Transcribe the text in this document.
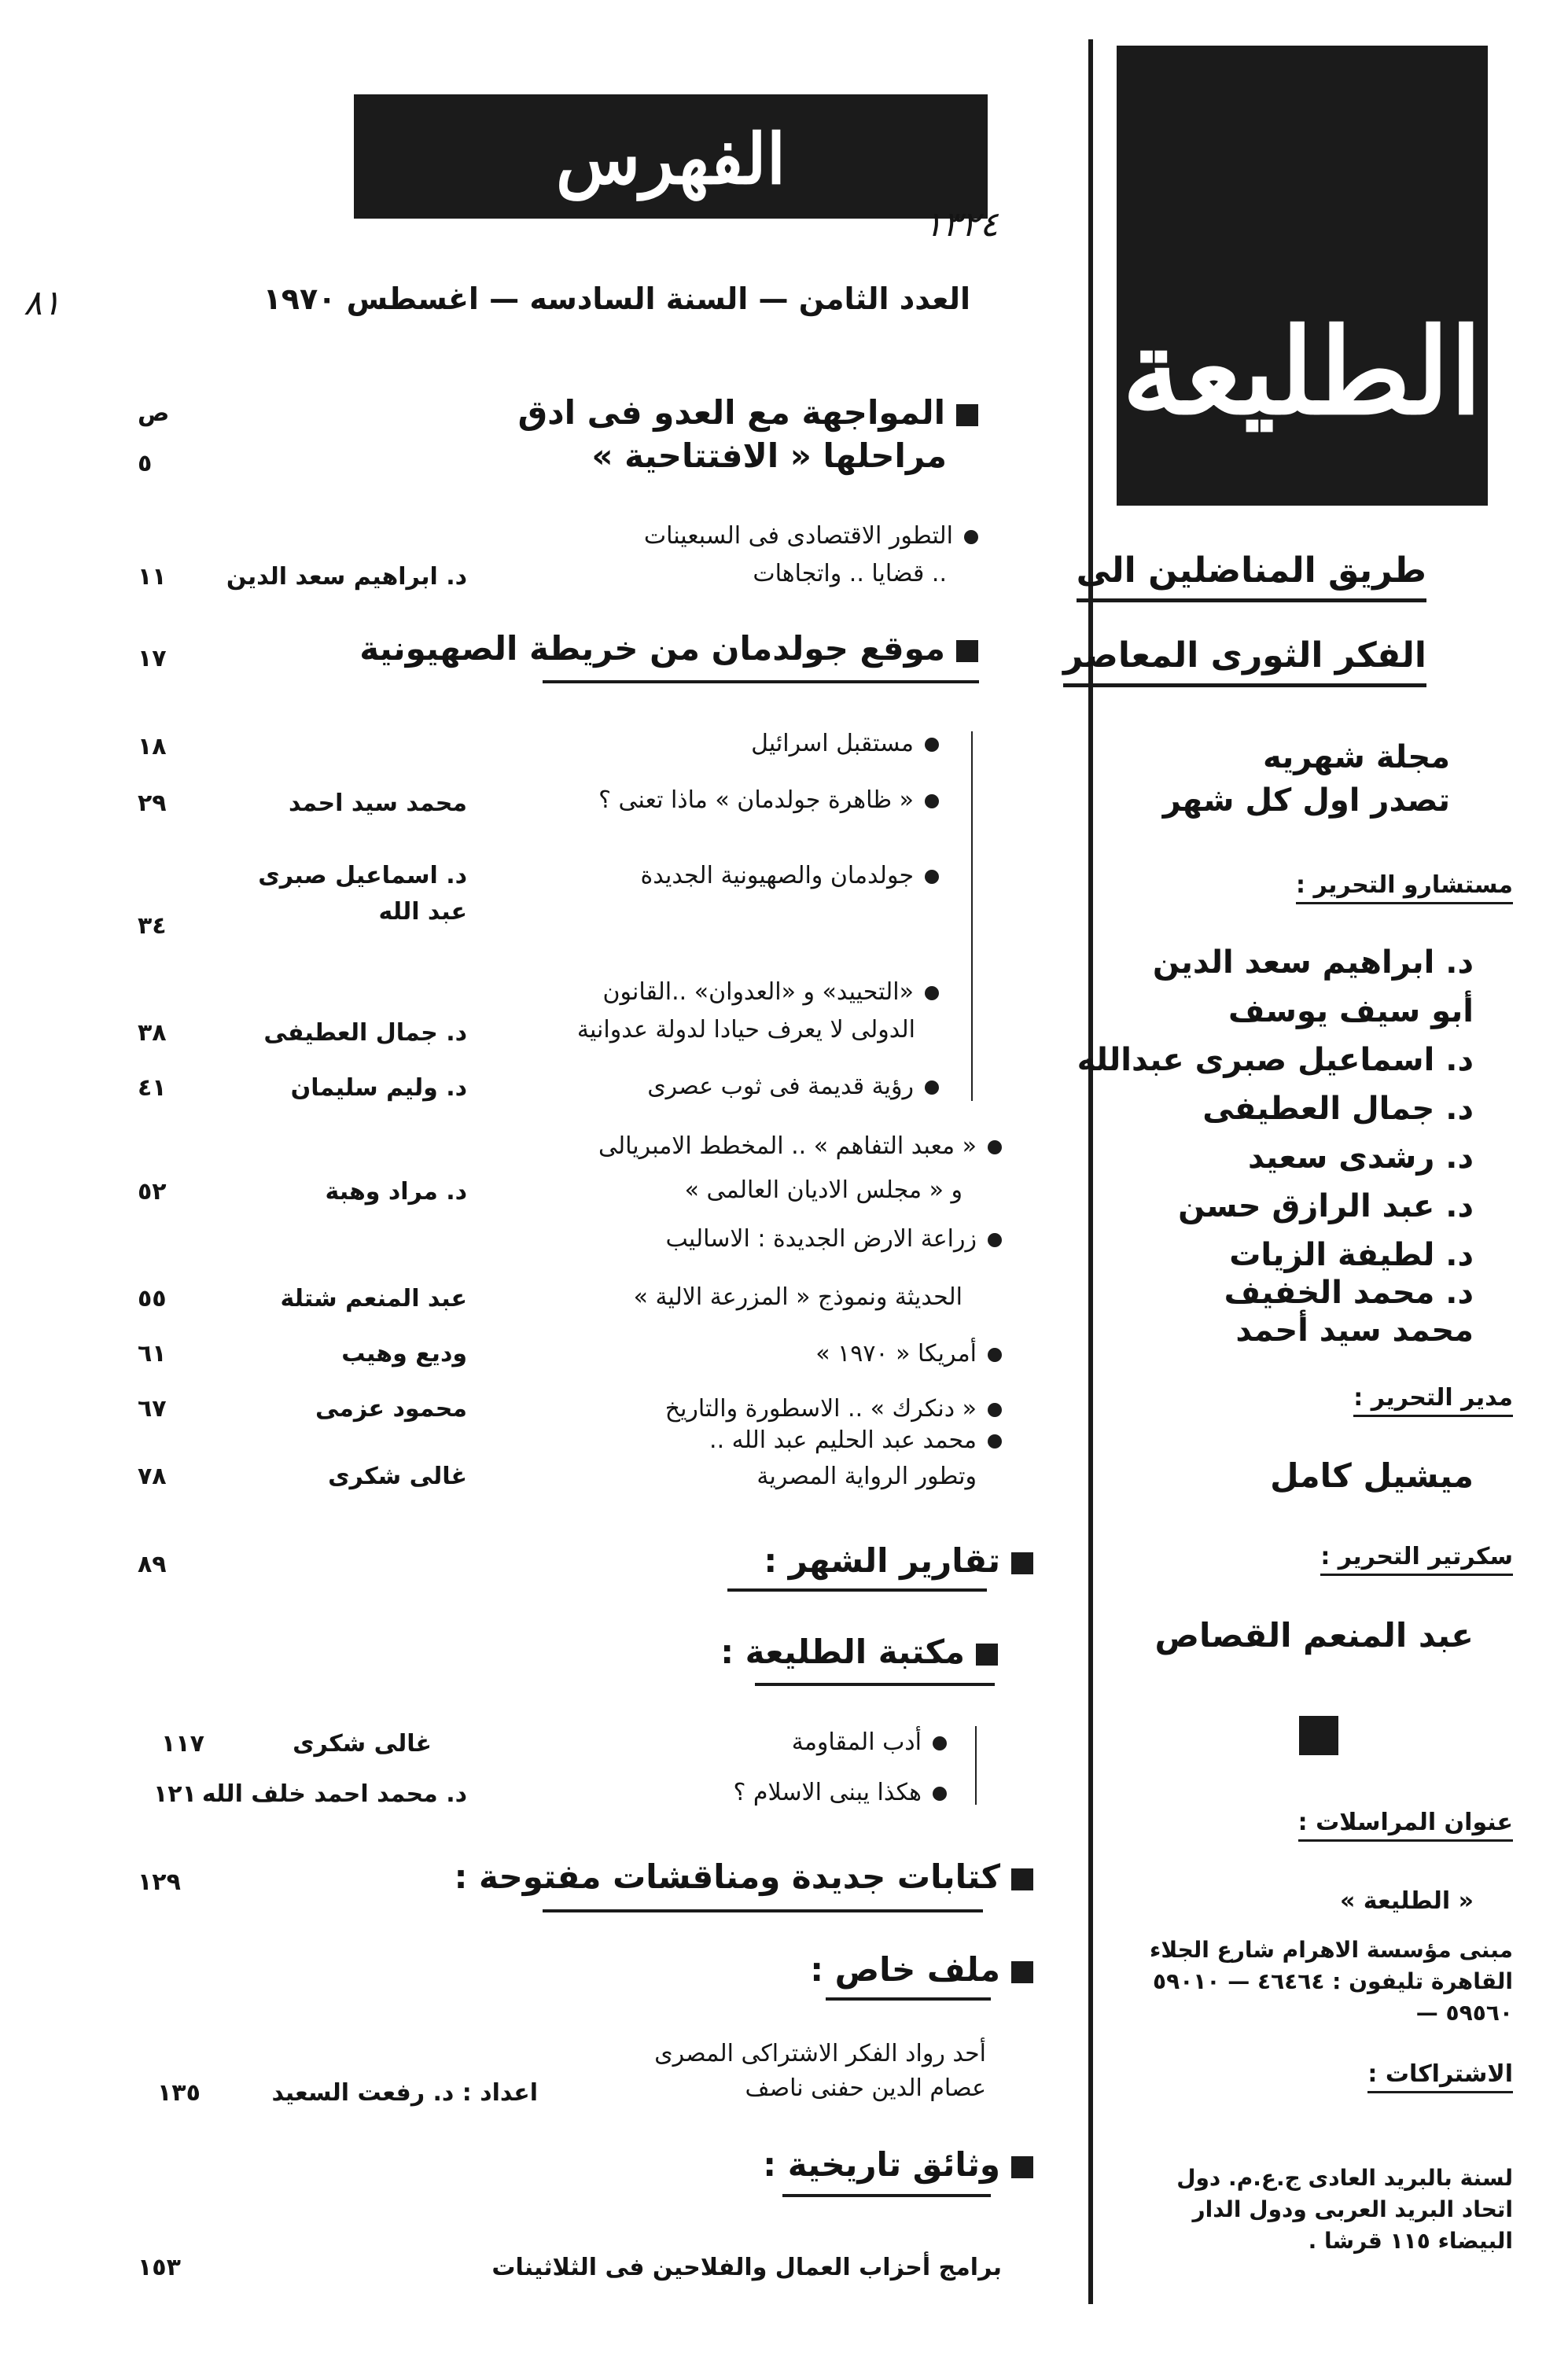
الطليعة
طريق المناضلين الى
الفكر الثورى المعاصر
مجلة شهريه
تصدر اول كل شهر
مستشارو التحرير :
د. ابراهيم سعد الدين
أبو سيف يوسف
د. اسماعيل صبرى عبدالله
د. جمال العطيفى
د. رشدى سعيد
د. عبد الرازق حسن
د. لطيفة الزيات
د. محمد الخفيف
محمد سيد أحمد
مدير التحرير :
ميشيل كامل
سكرتير التحرير :
عبد المنعم القصاص
عنوان المراسلات :
« الطليعة »
مبنى مؤسسة الاهرام شارع الجلاء
القاهرة تليفون : ٤٦٤٦٤ — ٥٩٠١٠
— ٥٩٥٦٠
الاشتراكات :
لسنة بالبريد العادى ج.ع.م. دول
اتحاد البريد العربى ودول الدار
البيضاء ١١٥ قرشا .
الفهرس
١٣٢٤
العدد الثامن — السنة السادسه — اغسطس ١٩٧٠
٨١
ص	المواجهة مع العدو فى ادق
مراحلها « الافتتاحية »
٥
التطور الاقتصادى فى السبعينات
.. قضايا .. واتجاهات
د. ابراهيم سعد الدين
١١
موقع جولدمان من خريطة الصهيونية
١٧
مستقبل اسرائيل
١٨
« ظاهرة جولدمان » ماذا تعنى ؟
محمد سيد احمد
٢٩
جولدمان والصهيونية الجديدة
د. اسماعيل صبرى
عبد الله
٣٤
«التحييد» و «العدوان» ..القانون
الدولى لا يعرف حيادا لدولة عدوانية
د. جمال العطيفى
٣٨
رؤية قديمة فى ثوب عصرى
د. وليم سليمان
٤١
« معبد التفاهم » .. المخطط الامبريالى
و « مجلس الاديان العالمى »
د. مراد وهبة
٥٢
زراعة الارض الجديدة : الاساليب
الحديثة ونموذج « المزرعة الالية »
عبد المنعم شتلة
٥٥
أمريكا « ١٩٧٠ »
وديع وهيب
٦١
« دنكرك » .. الاسطورة والتاريخ
محمود عزمى
٦٧
محمد عبد الحليم عبد الله ..
وتطور الرواية المصرية
غالى شكرى
٧٨
تقارير الشهر :
٨٩
مكتبة الطليعة :
أدب المقاومة
غالى شكرى
١١٧
هكذا يبنى الاسلام ؟
د. محمد احمد خلف الله
١٢١
كتابات جديدة ومناقشات مفتوحة :
١٢٩
ملف خاص :
أحد رواد الفكر الاشتراكى المصرى
عصام الدين حفنى ناصف
اعداد : د. رفعت السعيد
١٣٥
وثائق تاريخية :
برامج أحزاب العمال والفلاحين فى الثلاثينات
١٥٣
